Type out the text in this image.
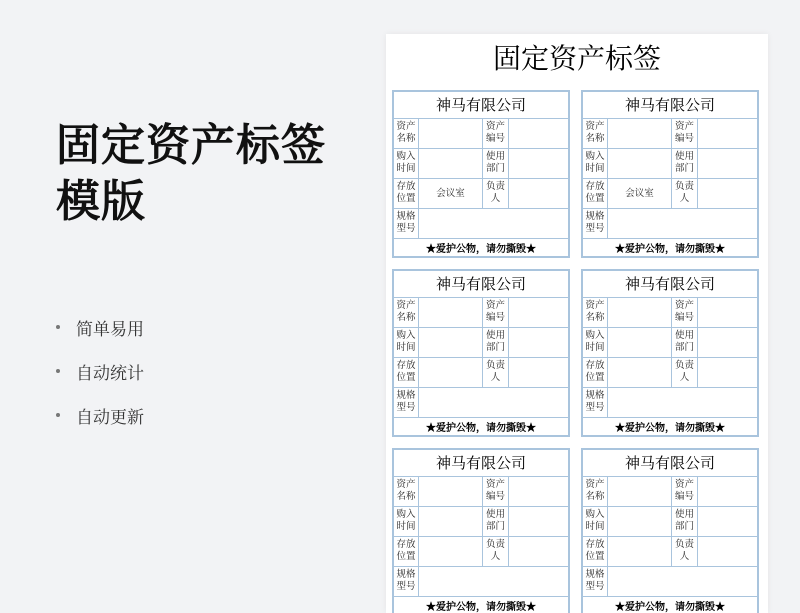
固定资产标签模版
简单易用
自动统计
自动更新
固定资产标签
神马有限公司
资产名称
资产编号
购入时间
使用部门
存放位置	会议室
负责人
规格型号
★爱护公物，请勿撕毁★
神马有限公司
资产名称
资产编号
购入时间
使用部门
存放位置	会议室
负责人
规格型号
★爱护公物，请勿撕毁★
神马有限公司
资产名称
资产编号
购入时间
使用部门
存放位置
负责人
规格型号
★爱护公物，请勿撕毁★
神马有限公司
资产名称
资产编号
购入时间
使用部门
存放位置
负责人
规格型号
★爱护公物，请勿撕毁★
神马有限公司
资产名称
资产编号
购入时间
使用部门
存放位置
负责人
规格型号
★爱护公物，请勿撕毁★
神马有限公司
资产名称
资产编号
购入时间
使用部门
存放位置
负责人
规格型号
★爱护公物，请勿撕毁★
